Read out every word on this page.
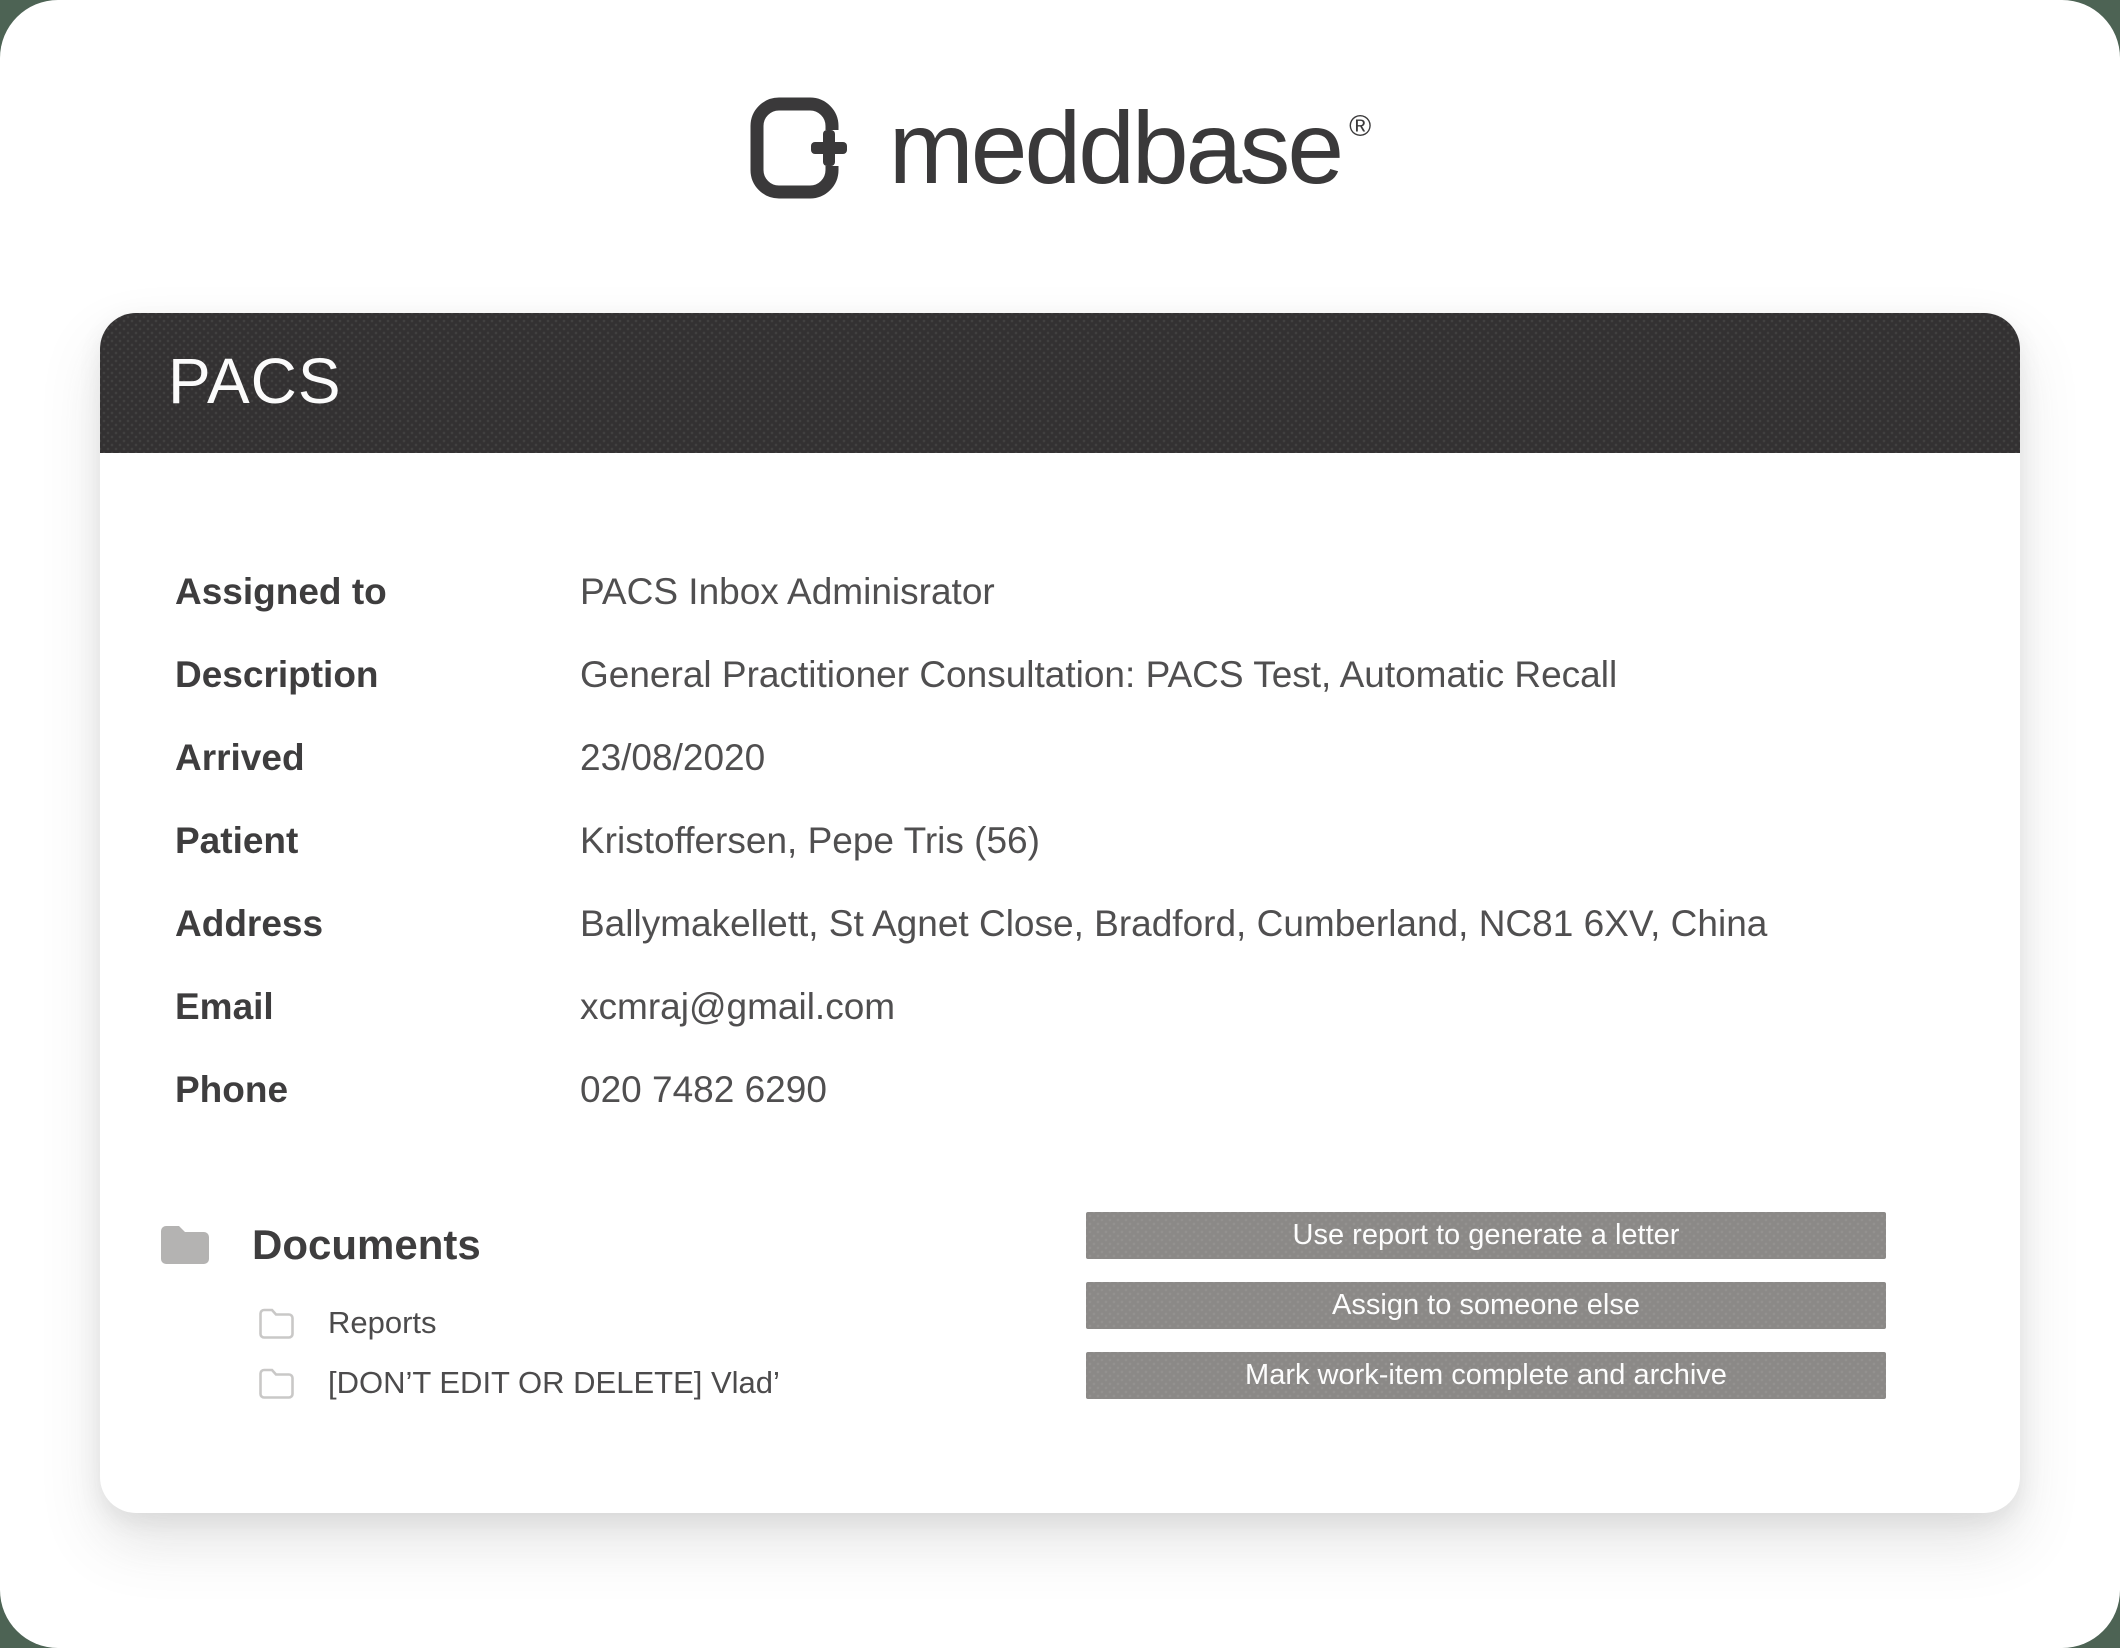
meddbase ®
PACS
Assigned to	PACS Inbox Adminisrator
Description	General Practitioner Consultation: PACS Test, Automatic Recall
Arrived	23/08/2020
Patient	Kristoffersen, Pepe Tris (56)
Address	Ballymakellett, St Agnet Close, Bradford, Cumberland, NC81 6XV, China
Email	xcmraj@gmail.com
Phone	020 7482 6290
Documents
Reports
[DON’T EDIT OR DELETE] Vlad’
Use report to generate a letter
Assign to someone else
Mark work-item complete and archive
